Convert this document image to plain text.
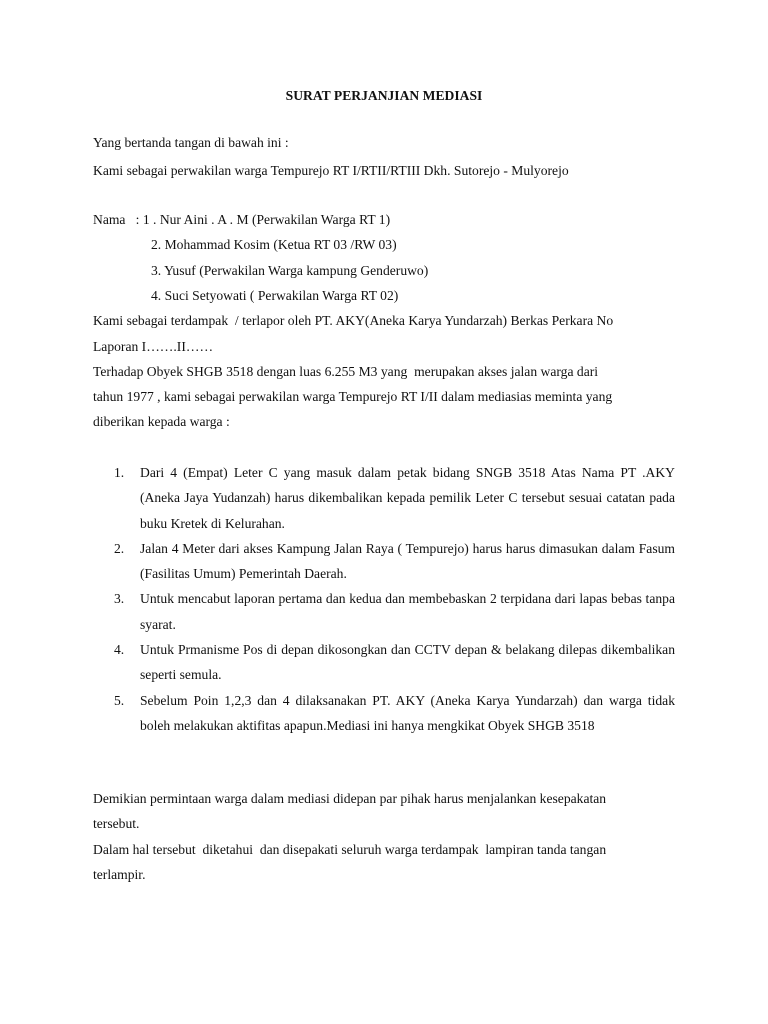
SURAT PERJANJIAN MEDIASI
Yang bertanda tangan di bawah ini :
Kami sebagai perwakilan warga Tempurejo RT I/RTII/RTIII Dkh. Sutorejo - Mulyorejo
Nama   : 1 . Nur Aini . A . M (Perwakilan Warga RT 1)
2. Mohammad Kosim (Ketua RT 03 /RW 03)
3. Yusuf (Perwakilan Warga kampung Genderuwo)
4. Suci Setyowati ( Perwakilan Warga RT 02)
Kami sebagai terdampak  / terlapor oleh PT. AKY(Aneka Karya Yundarzah) Berkas Perkara No
Laporan I…….II……
Terhadap Obyek SHGB 3518 dengan luas 6.255 M3 yang  merupakan akses jalan warga dari
tahun 1977 , kami sebagai perwakilan warga Tempurejo RT I/II dalam mediasias meminta yang
diberikan kepada warga :
1. Dari 4 (Empat) Leter C yang masuk dalam petak bidang SNGB 3518 Atas Nama PT .AKY (Aneka Jaya Yudanzah) harus dikembalikan kepada pemilik Leter C tersebut sesuai catatan pada buku Kretek di Kelurahan.
2. Jalan 4 Meter dari akses Kampung Jalan Raya ( Tempurejo) harus harus dimasukan dalam Fasum (Fasilitas Umum) Pemerintah Daerah.
3. Untuk mencabut laporan pertama dan kedua dan membebaskan 2 terpidana dari lapas bebas tanpa syarat.
4. Untuk Prmanisme Pos di depan dikosongkan dan CCTV depan & belakang dilepas dikembalikan seperti semula.
5. Sebelum Poin 1,2,3 dan 4 dilaksanakan PT. AKY (Aneka Karya Yundarzah) dan warga tidak boleh melakukan aktifitas apapun.Mediasi ini hanya mengkikat Obyek SHGB 3518
Demikian permintaan warga dalam mediasi didepan par pihak harus menjalankan kesepakatan
tersebut.
Dalam hal tersebut  diketahui  dan disepakati seluruh warga terdampak  lampiran tanda tangan
terlampir.
